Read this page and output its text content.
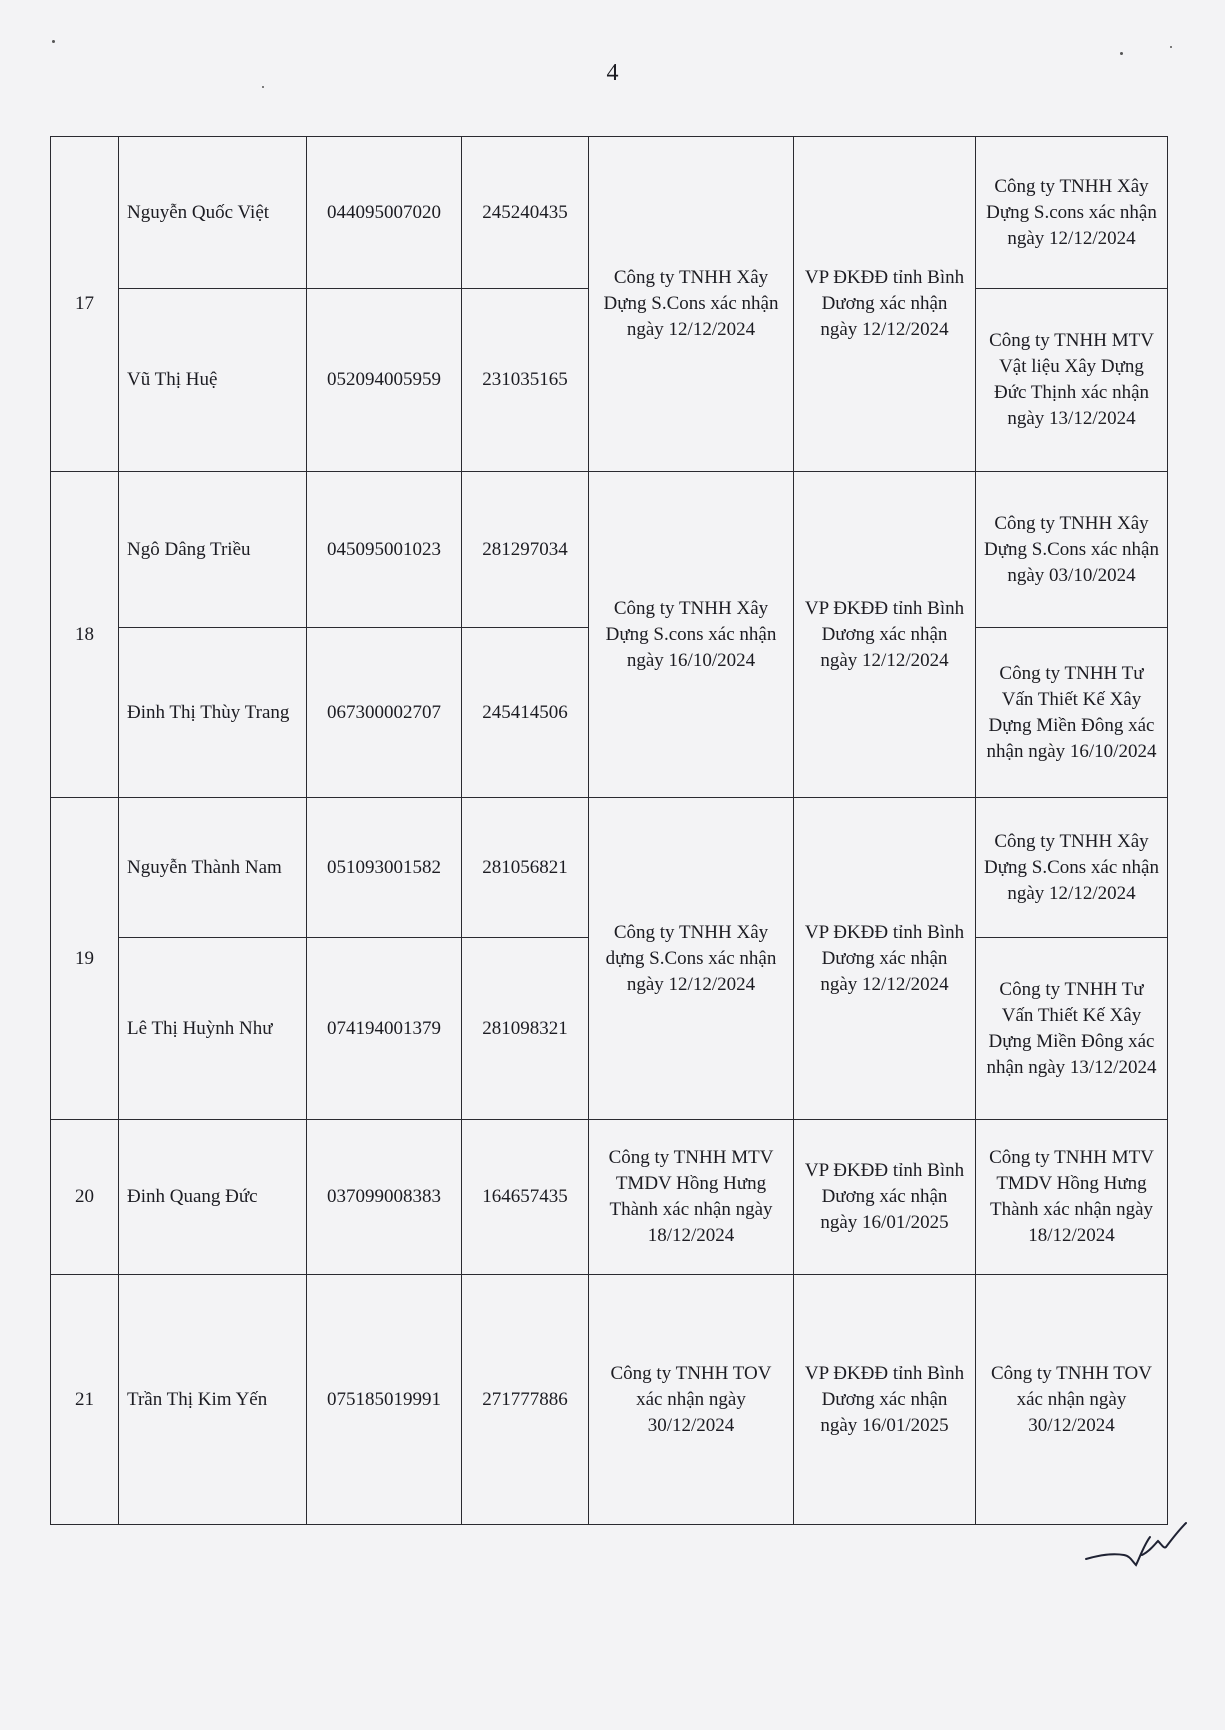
4
17	Nguyễn Quốc Việt	044095007020	245240435	Công ty TNHH Xây Dựng S.Cons xác nhận ngày 12/12/2024	VP ĐKĐĐ tỉnh Bình Dương xác nhận ngày 12/12/2024	Công ty TNHH Xây Dựng S.cons xác nhận ngày 12/12/2024
	Vũ Thị Huệ	052094005959	231035165			Công ty TNHH MTV Vật liệu Xây Dựng Đức Thịnh xác nhận ngày 13/12/2024
18	Ngô Dâng Triều	045095001023	281297034	Công ty TNHH Xây Dựng S.cons xác nhận ngày 16/10/2024	VP ĐKĐĐ tỉnh Bình Dương xác nhận ngày 12/12/2024	Công ty TNHH Xây Dựng S.Cons xác nhận ngày 03/10/2024
	Đinh Thị Thùy Trang	067300002707	245414506			Công ty TNHH Tư Vấn Thiết Kế Xây Dựng Miền Đông xác nhận ngày 16/10/2024
19	Nguyễn Thành Nam	051093001582	281056821	Công ty TNHH Xây dựng S.Cons xác nhận ngày 12/12/2024	VP ĐKĐĐ tỉnh Bình Dương xác nhận ngày 12/12/2024	Công ty TNHH Xây Dựng S.Cons xác nhận ngày 12/12/2024
	Lê Thị Huỳnh Như	074194001379	281098321			Công ty TNHH Tư Vấn Thiết Kế Xây Dựng Miền Đông xác nhận ngày 13/12/2024
20	Đinh Quang Đức	037099008383	164657435	Công ty TNHH MTV TMDV Hồng Hưng Thành xác nhận ngày 18/12/2024	VP ĐKĐĐ tỉnh Bình Dương xác nhận ngày 16/01/2025	Công ty TNHH MTV TMDV Hồng Hưng Thành xác nhận ngày 18/12/2024
21	Trần Thị Kim Yến	075185019991	271777886	Công ty TNHH TOV xác nhận ngày 30/12/2024	VP ĐKĐĐ tỉnh Bình Dương xác nhận ngày 16/01/2025	Công ty TNHH TOV xác nhận ngày 30/12/2024
